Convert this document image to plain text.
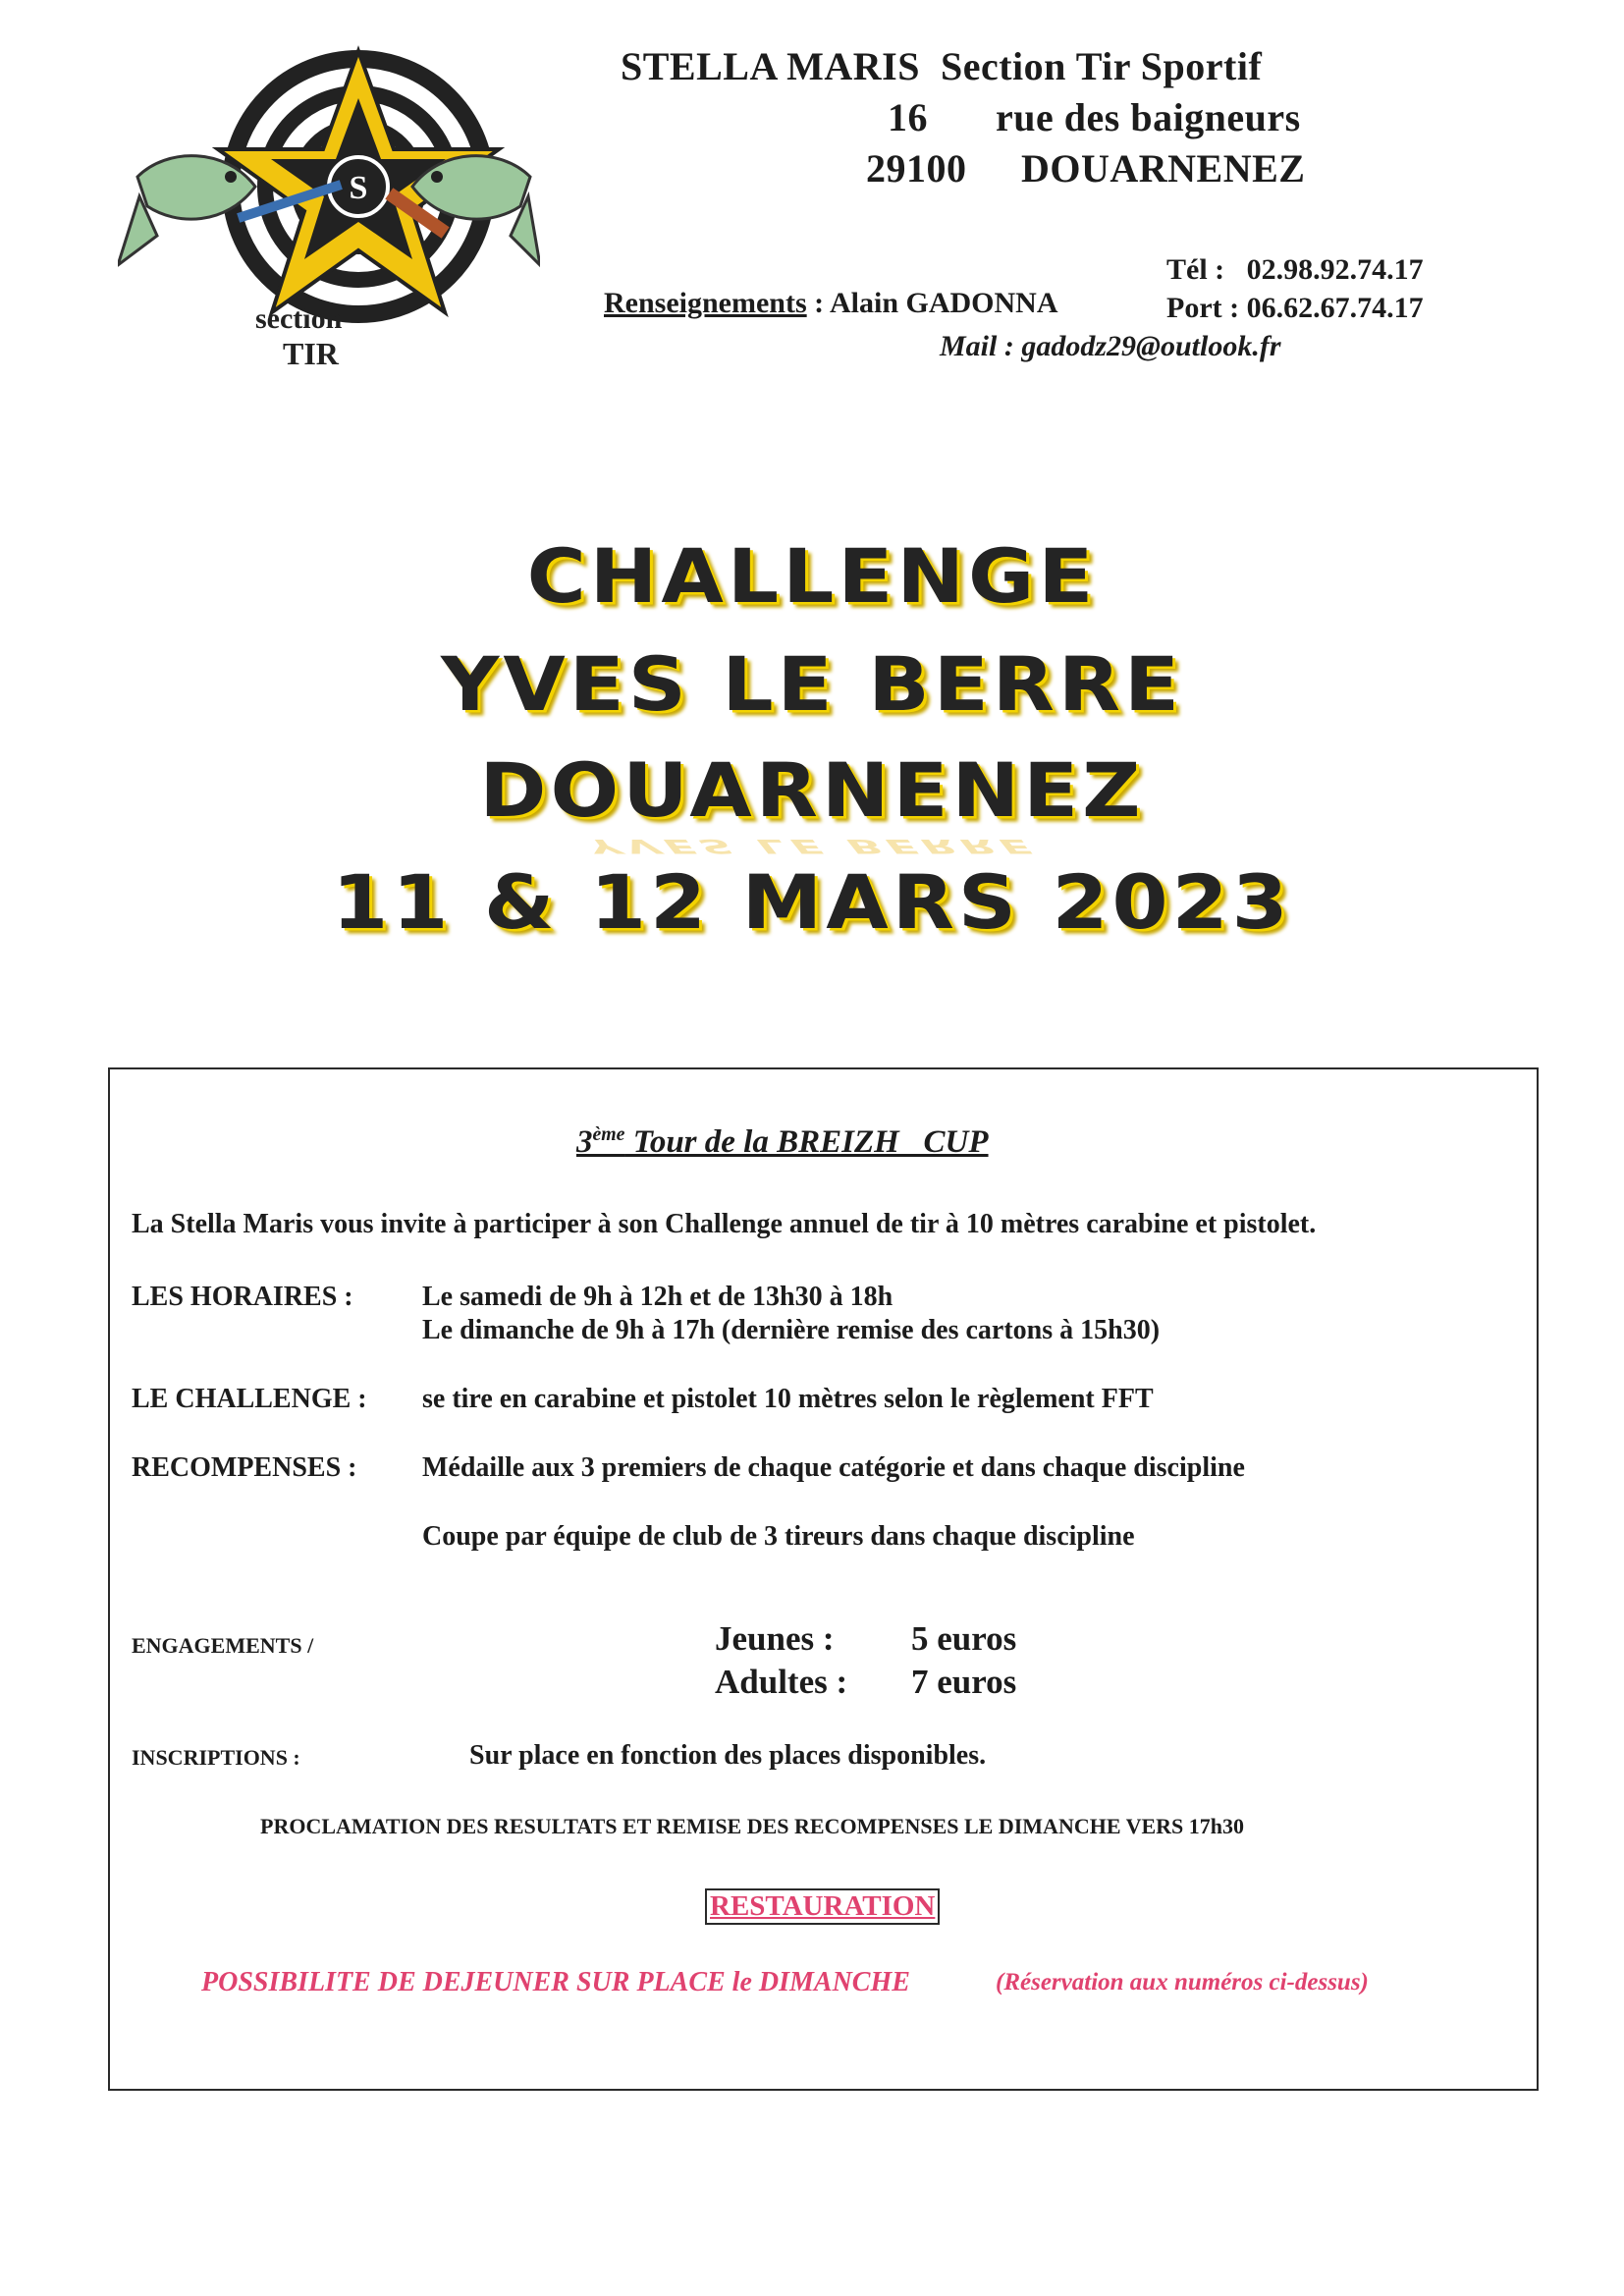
S
section
TIR
STELLA MARIS  Section Tir Sportif
16 rue des baigneurs
29100 DOUARNENEZ

Renseignements : Alain GADONNA

Tél :   02.98.92.74.17
Port : 06.62.67.74.17
Mail : gadodz29@outlook.fr
CHALLENGE
YVES LE BERRE
DOUARNENEZ
YVES LE BERRE
11 & 12 MARS 2023
3ème Tour de la BREIZH   CUP
La Stella Maris vous invite à participer à son Challenge annuel de tir à 10 mètres carabine et pistolet.
LES HORAIRES :	Le samedi de 9h à 12h et de 13h30 à 18h
Le dimanche de 9h à 17h (dernière remise des cartons à 15h30)
LE CHALLENGE : se tire en carabine et pistolet 10 mètres selon le règlement FFT
RECOMPENSES : Médaille aux 3 premiers de chaque catégorie et dans chaque discipline
Coupe par équipe de club de 3 tireurs dans chaque discipline
ENGAGEMENTS /	Jeunes : 5 euros
Adultes : 7 euros
INSCRIPTIONS :	Sur place en fonction des places disponibles.
PROCLAMATION DES RESULTATS ET REMISE DES RECOMPENSES LE DIMANCHE VERS 17h30
RESTAURATION
POSSIBILITE DE DEJEUNER SUR PLACE le DIMANCHE	(Réservation aux numéros ci-dessus)
